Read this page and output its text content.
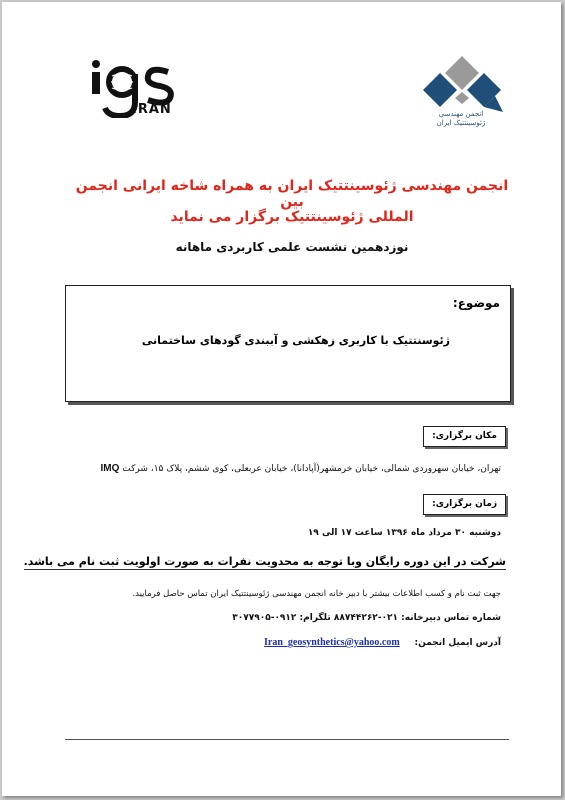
IRAN	انجمن مهندسی
ژئوسینتتیک ایران
انجمن مهندسی ژئوسینتتیک ایران به همراه شاخه ایرانی انجمن بین
المللی ژئوسینتتیک برگزار می نماید
نوزدهمین نشست علمی کاربردی ماهانه
موضوع:
ژئوسنتتیک با کاربری زهکشی و آببندی گودهای ساختمانی
مکان برگزاری:
تهران، خیابان سهروردی شمالی، خیابان خرمشهر(آپادانا)، خیابان عربعلی، کوی ششم، پلاک ۱۵، شرکت IMQ
زمان برگزاری:
دوشنبه ۳۰ مرداد ماه ۱۳۹۶ ساعت ۱۷ الی ۱۹
شرکت در این دوره رایگان وبا توجه به محدویت نفرات به صورت اولویت ثبت نام می باشد.
جهت ثبت نام و کسب اطلاعات بیشتر با دبیر خانه انجمن مهندسی ژئوسینتتیک ایران تماس حاصل فرمایید.
شماره تماس دبیرخانه: ۰۲۱-۸۸۷۴۴۲۶۲ تلگرام: ۰۹۱۲-۳۰۷۷۹۰۵
آدرس ایمیل انجمن:
Iran_geosynthetics@yahoo.com
